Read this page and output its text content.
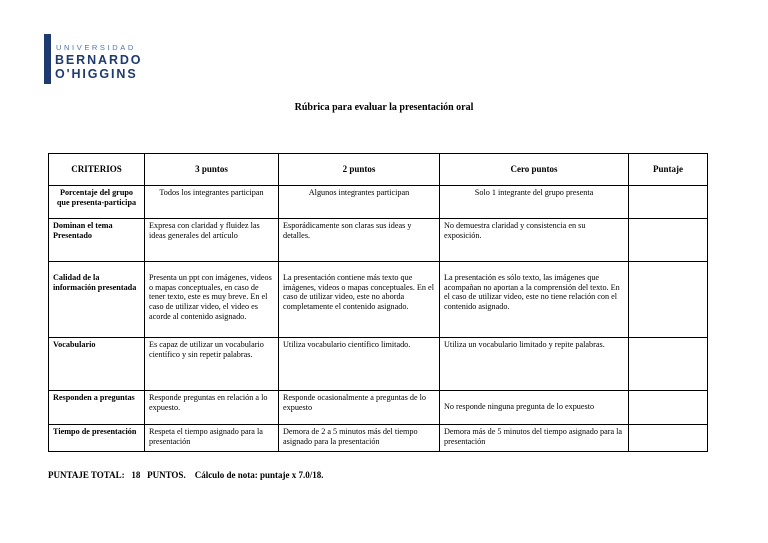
UNIVERSIDAD
BERNARDO
O'HIGGINS
Rúbrica para evaluar la presentación oral
CRITERIOS	3 puntos	2 puntos	Cero puntos	Puntaje
Porcentaje del grupo que presenta-participa	Todos los integrantes participan	Algunos integrantes participan	Solo 1 integrante del grupo presenta	
Dominan el tema Presentado	Expresa con claridad y fluidez las ideas generales del artículo	Esporádicamente son claras sus ideas y detalles.	No demuestra claridad y consistencia en su exposición.	
Calidad de la información presentada	Presenta un ppt con imágenes, videos o mapas conceptuales, en caso de tener texto, este es muy breve. En el caso de utilizar video, el video es acorde al contenido asignado.	La presentación contiene más texto que imágenes, videos o mapas conceptuales. En el caso de utilizar video, este no aborda completamente el contenido asignado.	La presentación es sólo texto, las imágenes que acompañan no aportan a la comprensión del texto. En el caso de utilizar video, este no tiene relación con el contenido asignado.	
Vocabulario	Es capaz de utilizar un vocabulario científico y sin repetir palabras.	Utiliza vocabulario científico limitado.	Utiliza un vocabulario limitado y repite palabras.	
Responden a preguntas	Responde preguntas en relación a lo expuesto.	Responde ocasionalmente a preguntas de lo expuesto	No responde ninguna pregunta de lo expuesto	
Tiempo de presentación	Respeta el tiempo asignado para la presentación	Demora de 2 a 5 minutos más del tiempo asignado para la presentación	Demora más de 5 minutos del tiempo asignado para la presentación	
PUNTAJE TOTAL:   18   PUNTOS.    Cálculo de nota: puntaje x 7.0/18.
